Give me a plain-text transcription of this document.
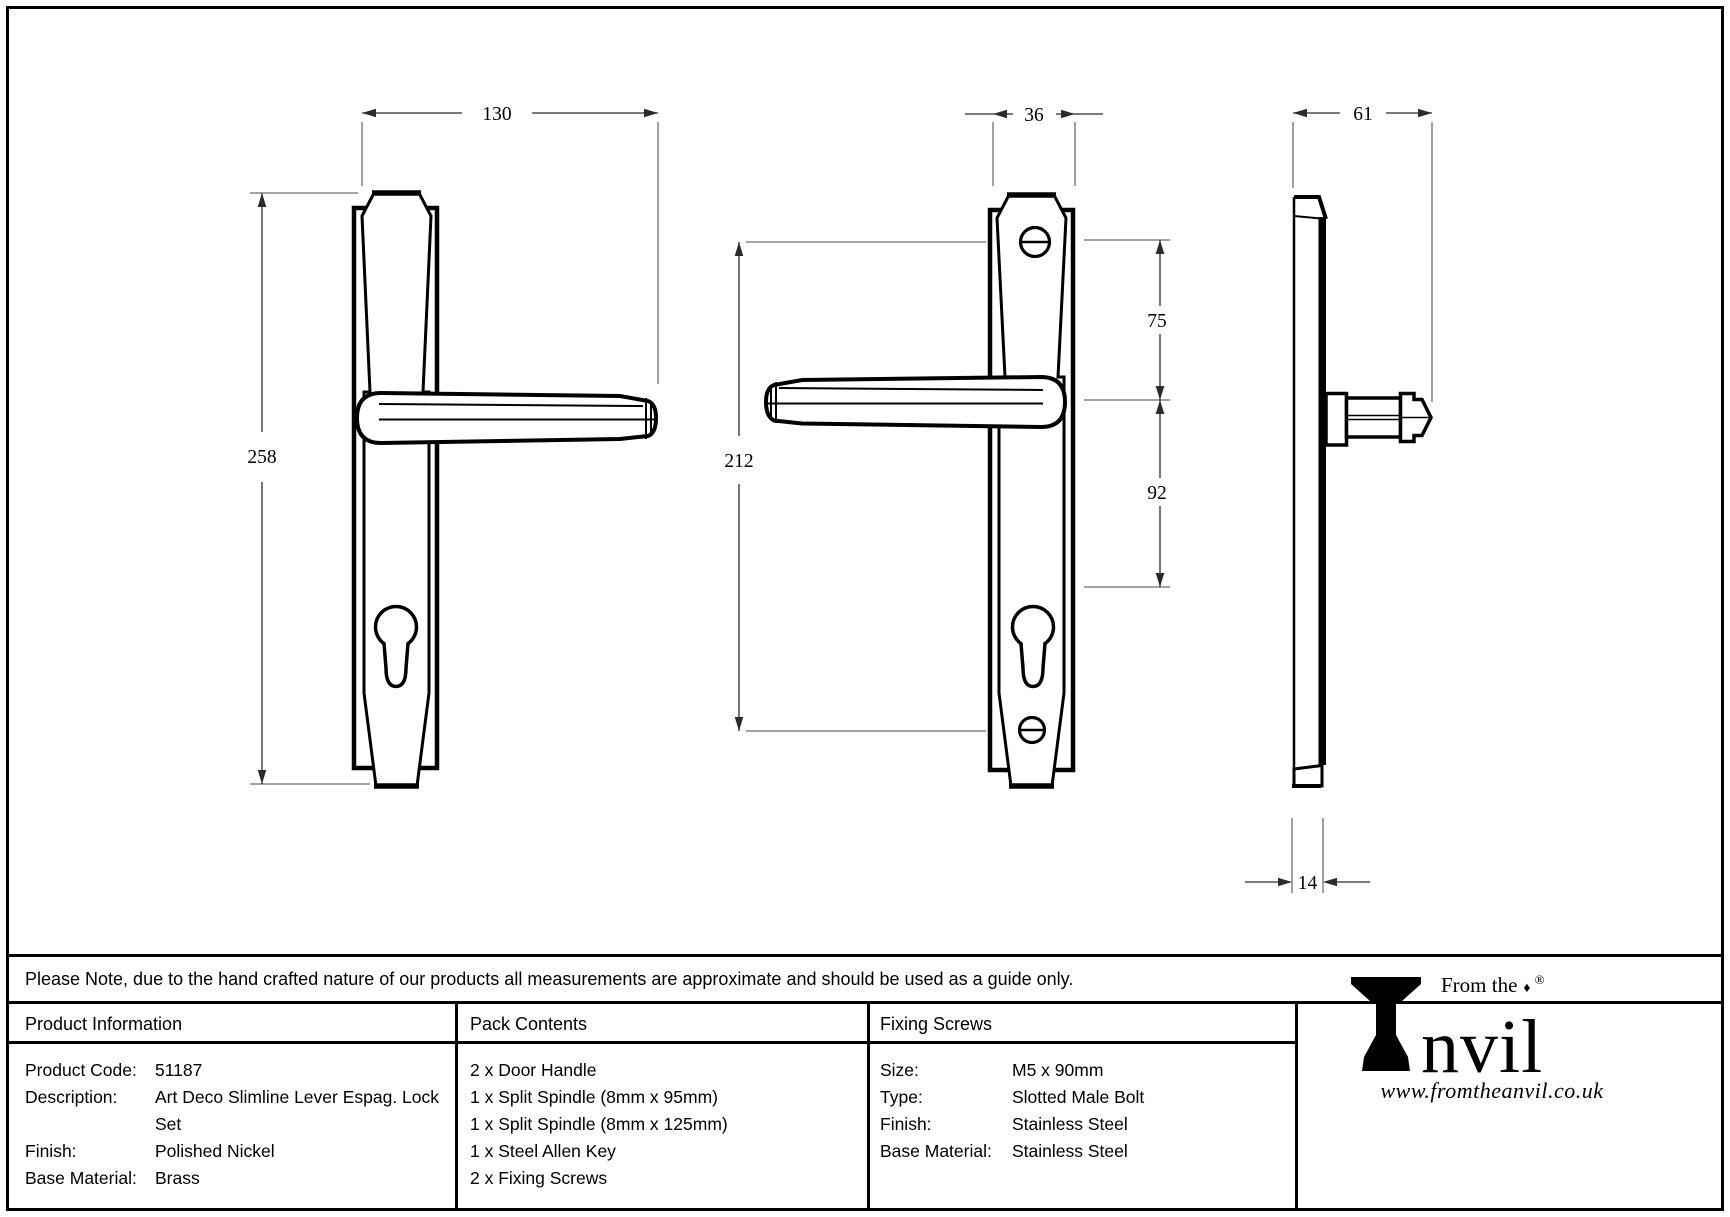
130
258	212
36	61
75
92
14
Please Note, due to the hand crafted nature of our products all measurements are approximate and should be used as a guide only.
Product Information	Pack Contents	Fixing Screws
Product Code:	51187
Description:	Art Deco Slimline Lever Espag. Lock Set
Finish:	Polished Nickel
Base Material:	Brass
2 x Door Handle
1 x Split Spindle (8mm x 95mm)
1 x Split Spindle (8mm x 125mm)
1 x Steel Allen Key
2 x Fixing Screws
Size:	M5 x 90mm
Type:	Slotted Male Bolt
Finish:	Stainless Steel
Base Material:	Stainless Steel
From the ♦®
nvil
www.fromtheanvil.co.uk
